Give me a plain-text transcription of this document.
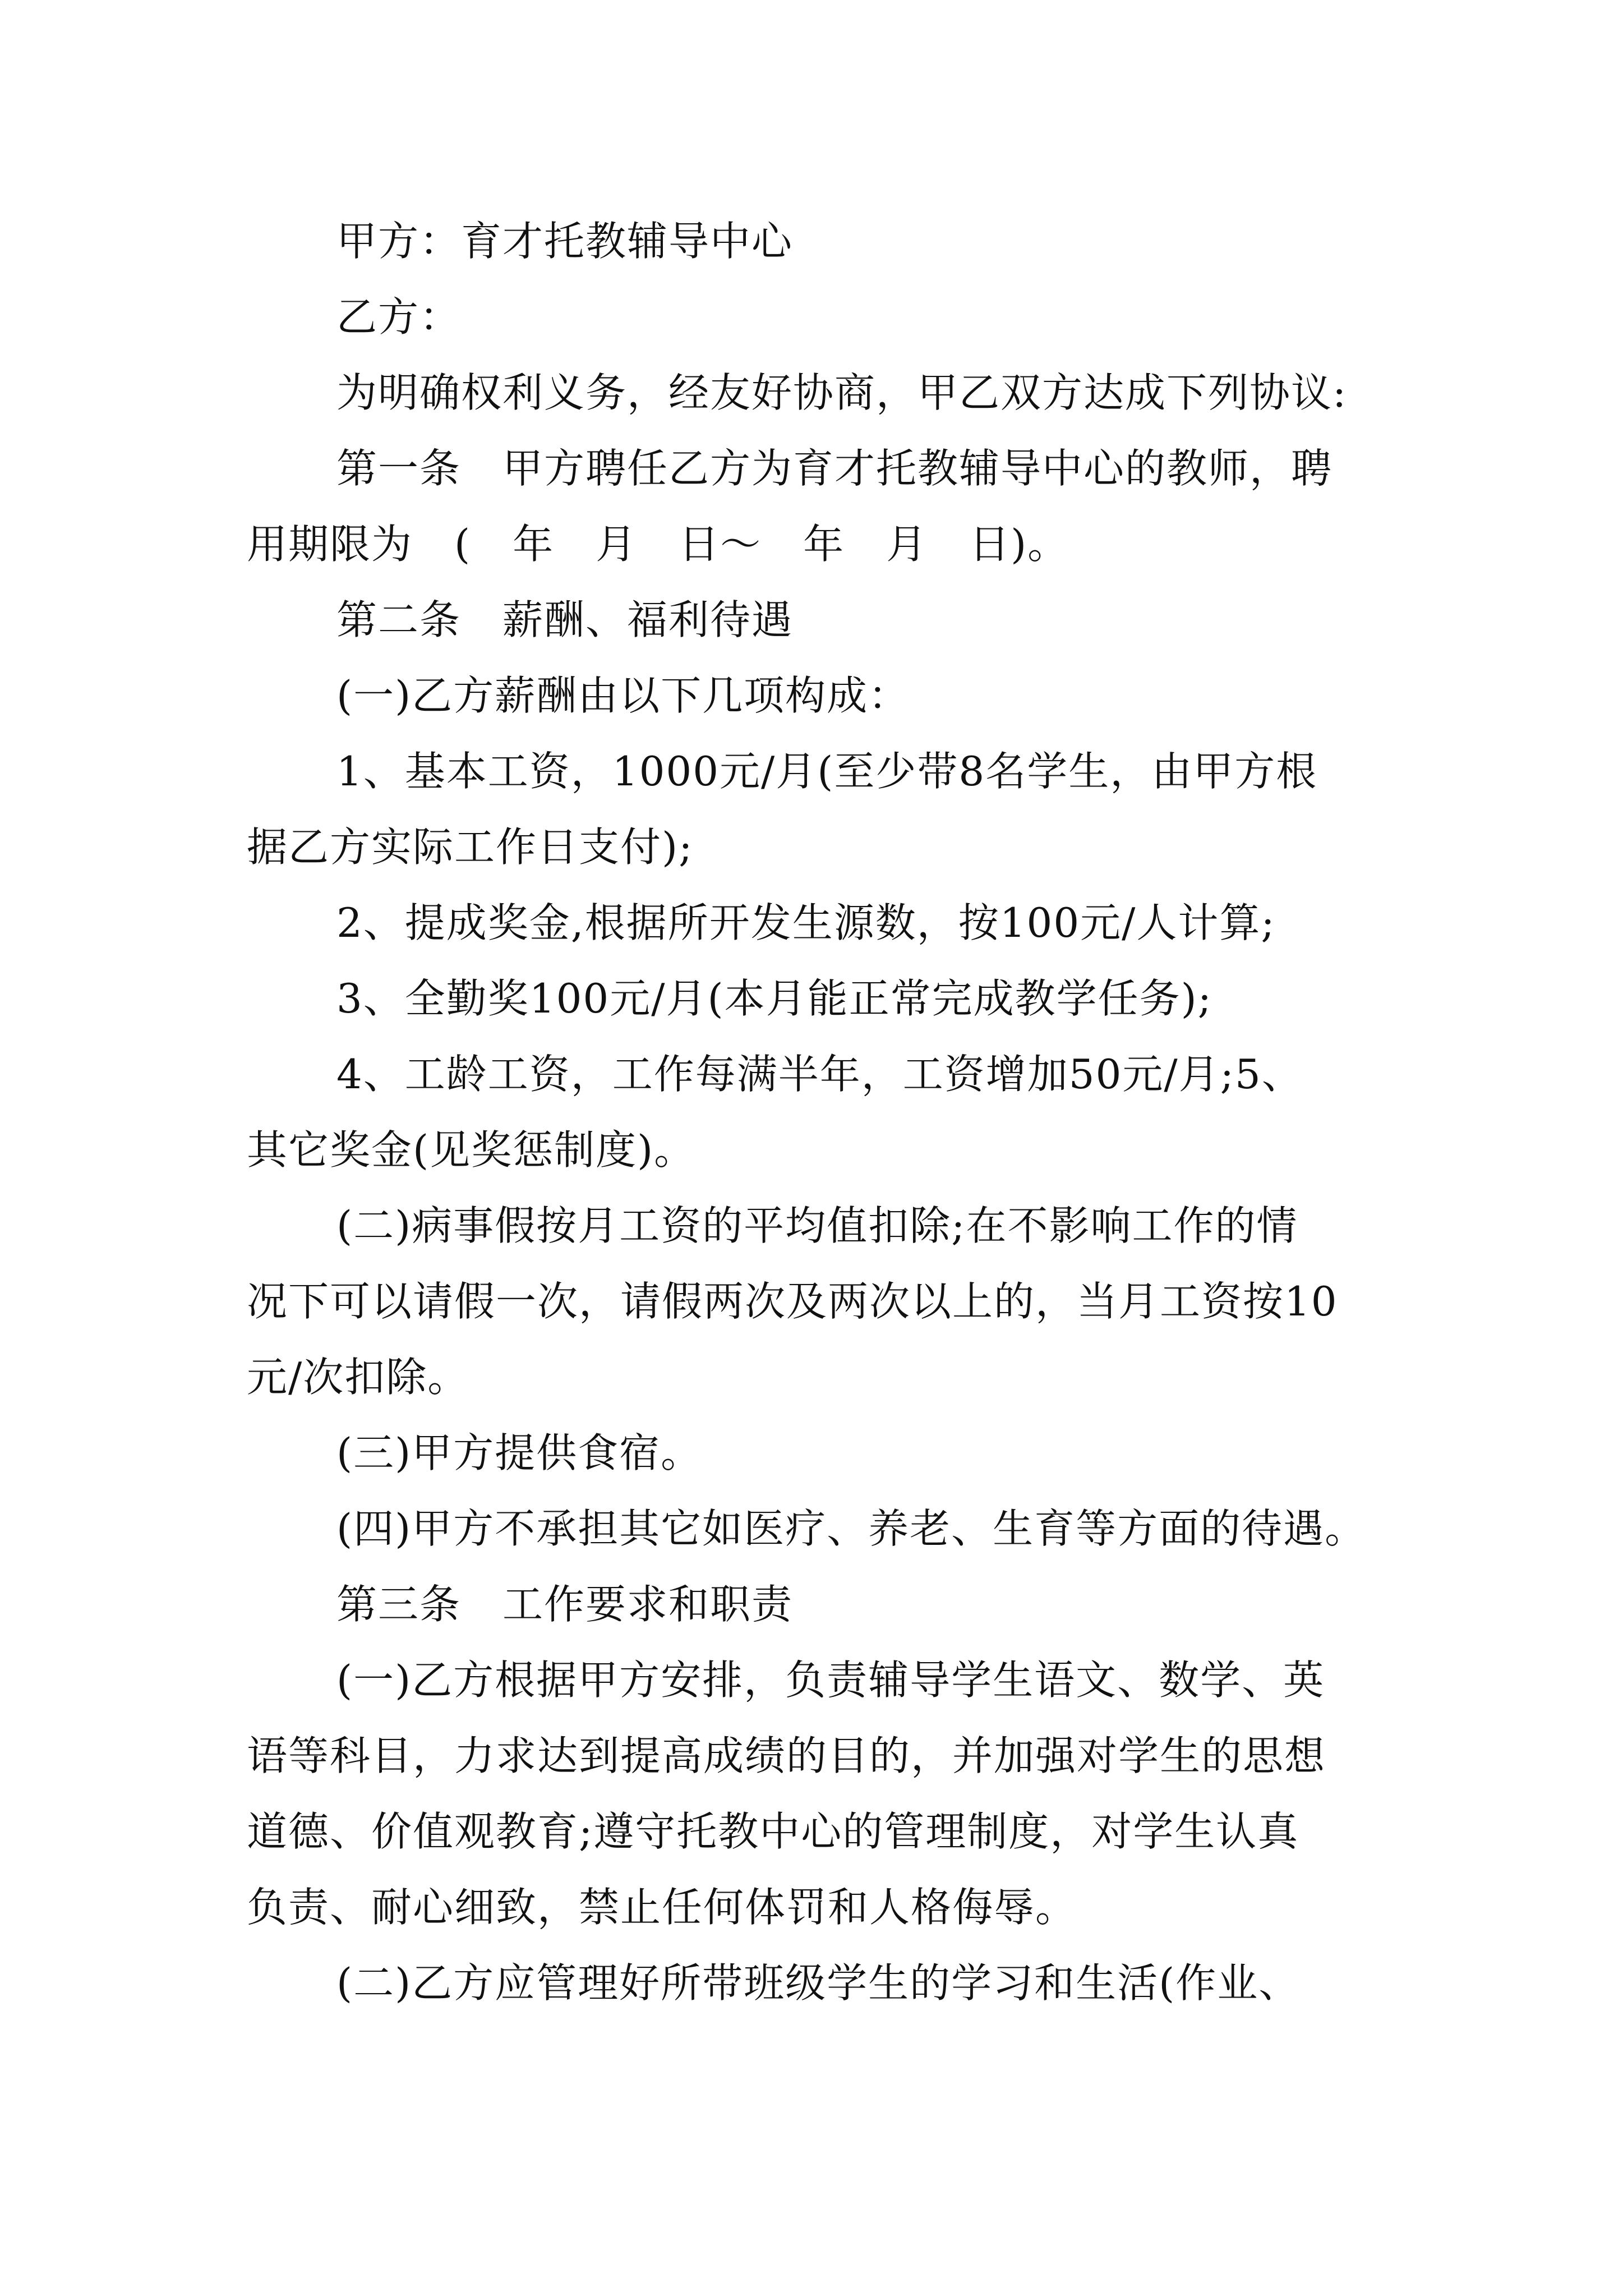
甲方：育才托教辅导中心
乙方：
为明确权利义务，经友好协商，甲乙双方达成下列协议:
第一条　甲方聘任乙方为育才托教辅导中心的教师，聘
用期限为　(　年　月　日～　年　月　日)。
第二条　薪酬、福利待遇
(一)乙方薪酬由以下几项构成：
1、基本工资，1000元/月(至少带8名学生，由甲方根
据乙方实际工作日支付);
2、提成奖金,根据所开发生源数，按100元/人计算;
3、全勤奖100元/月(本月能正常完成教学任务);
4、工龄工资，工作每满半年，工资增加50元/月;5、
其它奖金(见奖惩制度)。
(二)病事假按月工资的平均值扣除;在不影响工作的情
况下可以请假一次，请假两次及两次以上的，当月工资按10
元/次扣除。
(三)甲方提供食宿。
(四)甲方不承担其它如医疗、养老、生育等方面的待遇。
第三条　工作要求和职责
(一)乙方根据甲方安排，负责辅导学生语文、数学、英
语等科目，力求达到提高成绩的目的，并加强对学生的思想
道德、价值观教育;遵守托教中心的管理制度，对学生认真
负责、耐心细致，禁止任何体罚和人格侮辱。
(二)乙方应管理好所带班级学生的学习和生活(作业、
